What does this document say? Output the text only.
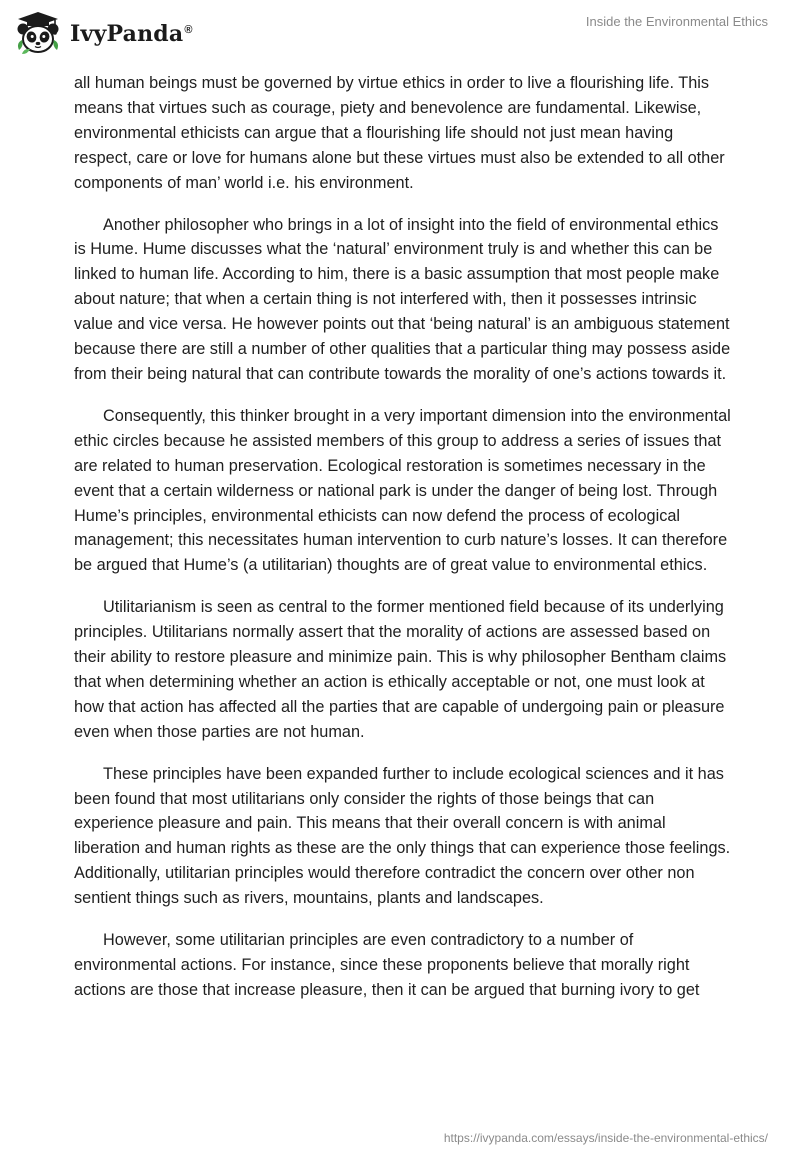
IvyPanda®
Inside the Environmental Ethics

all human beings must be governed by virtue ethics in order to live a flourishing life. This means that virtues such as courage, piety and benevolence are fundamental. Likewise, environmental ethicists can argue that a flourishing life should not just mean having respect, care or love for humans alone but these virtues must also be extended to all other components of man’ world i.e. his environment.

Another philosopher who brings in a lot of insight into the field of environmental ethics is Hume. Hume discusses what the ‘natural’ environment truly is and whether this can be linked to human life. According to him, there is a basic assumption that most people make about nature; that when a certain thing is not interfered with, then it possesses intrinsic value and vice versa. He however points out that ‘being natural’ is an ambiguous statement because there are still a number of other qualities that a particular thing may possess aside from their being natural that can contribute towards the morality of one’s actions towards it.

Consequently, this thinker brought in a very important dimension into the environmental ethic circles because he assisted members of this group to address a series of issues that are related to human preservation. Ecological restoration is sometimes necessary in the event that a certain wilderness or national park is under the danger of being lost. Through Hume’s principles, environmental ethicists can now defend the process of ecological management; this necessitates human intervention to curb nature’s losses. It can therefore be argued that Hume’s (a utilitarian) thoughts are of great value to environmental ethics.

Utilitarianism is seen as central to the former mentioned field because of its underlying principles. Utilitarians normally assert that the morality of actions are assessed based on their ability to restore pleasure and minimize pain. This is why philosopher Bentham claims that when determining whether an action is ethically acceptable or not, one must look at how that action has affected all the parties that are capable of undergoing pain or pleasure even when those parties are not human.

These principles have been expanded further to include ecological sciences and it has been found that most utilitarians only consider the rights of those beings that can experience pleasure and pain. This means that their overall concern is with animal liberation and human rights as these are the only things that can experience those feelings. Additionally, utilitarian principles would therefore contradict the concern over other non sentient things such as rivers, mountains, plants and landscapes.

However, some utilitarian principles are even contradictory to a number of environmental actions. For instance, since these proponents believe that morally right actions are those that increase pleasure, then it can be argued that burning ivory to get

https://ivypanda.com/essays/inside-the-environmental-ethics/
